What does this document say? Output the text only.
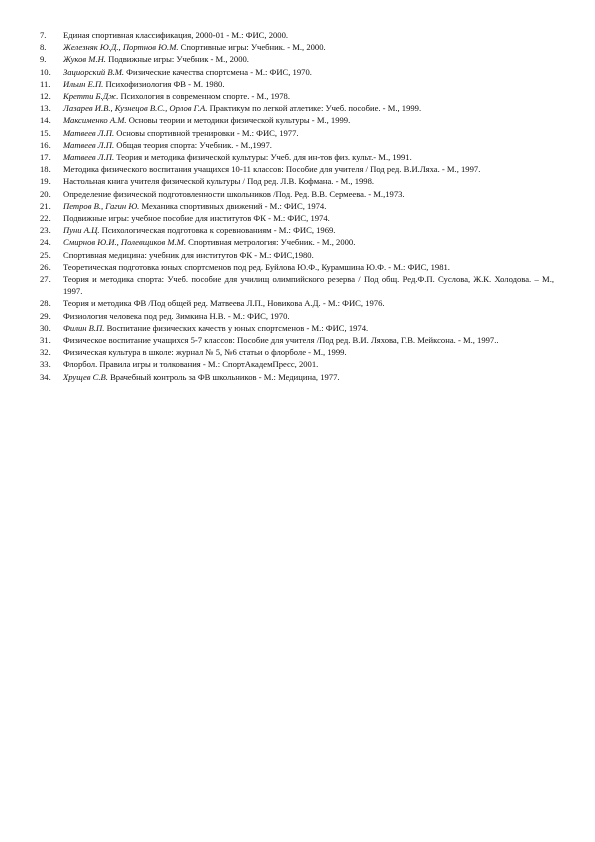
7.	Единая спортивная классификация, 2000-01 - М.: ФИС, 2000.
8.	Железняк Ю.Д., Портнов Ю.М. Спортивные игры: Учебник. - М., 2000.
9.	Жуков М.Н. Подвижные игры: Учебник - М., 2000.
10.	Зациорский В.М. Физические качества спортсмена - М.: ФИС, 1970.
11.	Ильин Е.П. Психофизиология ФВ - М. 1980.
12.	Кретти Б.Дж. Психология в современном спорте. - М., 1978.
13.	Лазарев И.В., Кузнецов В.С., Орлов Г.А. Практикум по легкой атлетике: Учеб. пособие. - М., 1999.
14.	Максименко А.М. Основы теории и методики физической культуры - М., 1999.
15.	Матвеев Л.П. Основы спортивной тренировки - М.: ФИС, 1977.
16.	Матвеев Л.П. Общая теория спорта: Учебник. - М.,1997.
17.	Матвеев Л.П. Теория и методика физической культуры: Учеб. для ин-тов физ. культ.- М., 1991.
18.	Методика физического воспитания учащихся 10-11 классов: Пособие для учителя / Под ред. В.И.Ляха. - М., 1997.
19.	Настольная книга учителя физической культуры / Под ред. Л.В. Кофмана. - М., 1998.
20.	Определение физической подготовленности школьников /Под. Ред. В.В. Сермеева. - М.,1973.
21.	Петров В., Гагин Ю. Механика спортивных движений - М.: ФИС, 1974.
22.	Подвижные игры: учебное пособие для институтов ФК - М.: ФИС, 1974.
23.	Пуни А.Ц. Психологическая подготовка к соревнованиям - М.: ФИС, 1969.
24.	Смирнов Ю.И., Полевщиков М.М. Спортивная метрология: Учебник. - М., 2000.
25.	Спортивная медицина: учебник для институтов ФК - М.: ФИС,1980.
26.	Теоретическая подготовка юных спортсменов под ред. Буйлова Ю.Ф., Курамшина Ю.Ф. - М.: ФИС, 1981.
27.	Теория и методика спорта: Учеб. пособие для училищ олимпийского резерва / Под общ. Ред.Ф.П. Суслова, Ж.К. Холодова. – М., 1997.
28.	Теория и методика ФВ /Под общей ред. Матвеева Л.П., Новикова А.Д. - М.: ФИС, 1976.
29.	Физиология человека под ред. Зимкина Н.В. - М.: ФИС, 1970.
30.	Филин В.П. Воспитание физических качеств у юных спортсменов - М.: ФИС, 1974.
31.	Физическое воспитание учащихся 5-7 классов: Пособие для учителя /Под ред. В.И. Ляхова, Г.В. Мейксона. - М., 1997..
32.	Физическая культура в школе: журнал № 5, №6 статьи о флорболе - М., 1999.
33.	Флорбол. Правила игры и толкования - М.: СпортАкадемПресс, 2001.
34.	Хрущев С.В. Врачебный контроль за ФВ школьников - М.: Медицина, 1977.
